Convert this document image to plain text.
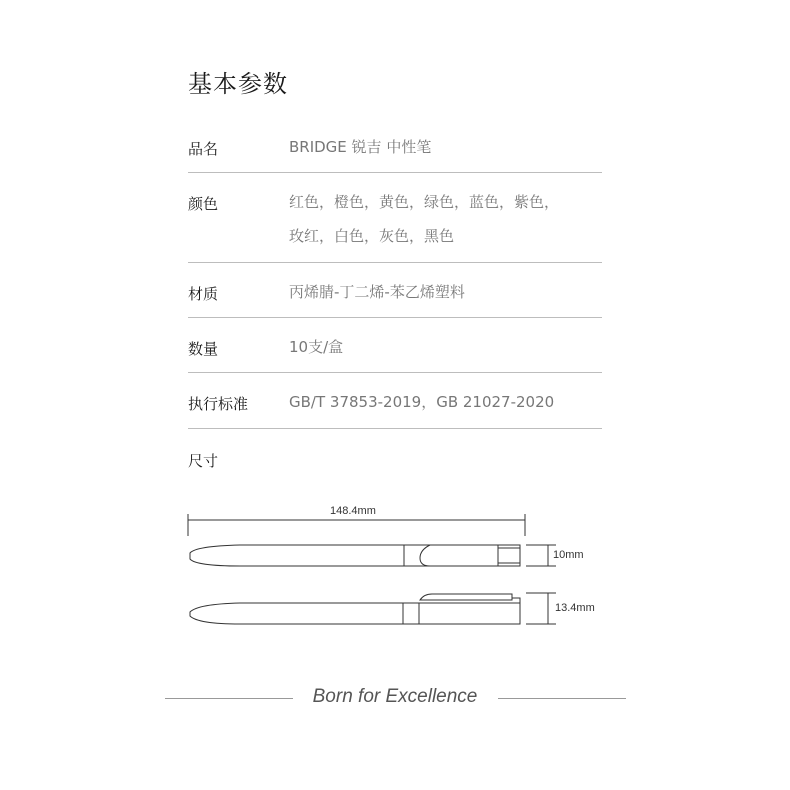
基本参数
品名	BRIDGE 锐吉 中性笔
颜色	红色，橙色，黄色，绿色，蓝色，紫色，
玫红，白色，灰色，黑色
材质	丙烯腈-丁二烯-苯乙烯塑料
数量	10支/盒
执行标准	GB/T 37853-2019，GB 21027-2020
尺寸
148.4mm
10mm
13.4mm
Born for Excellence
